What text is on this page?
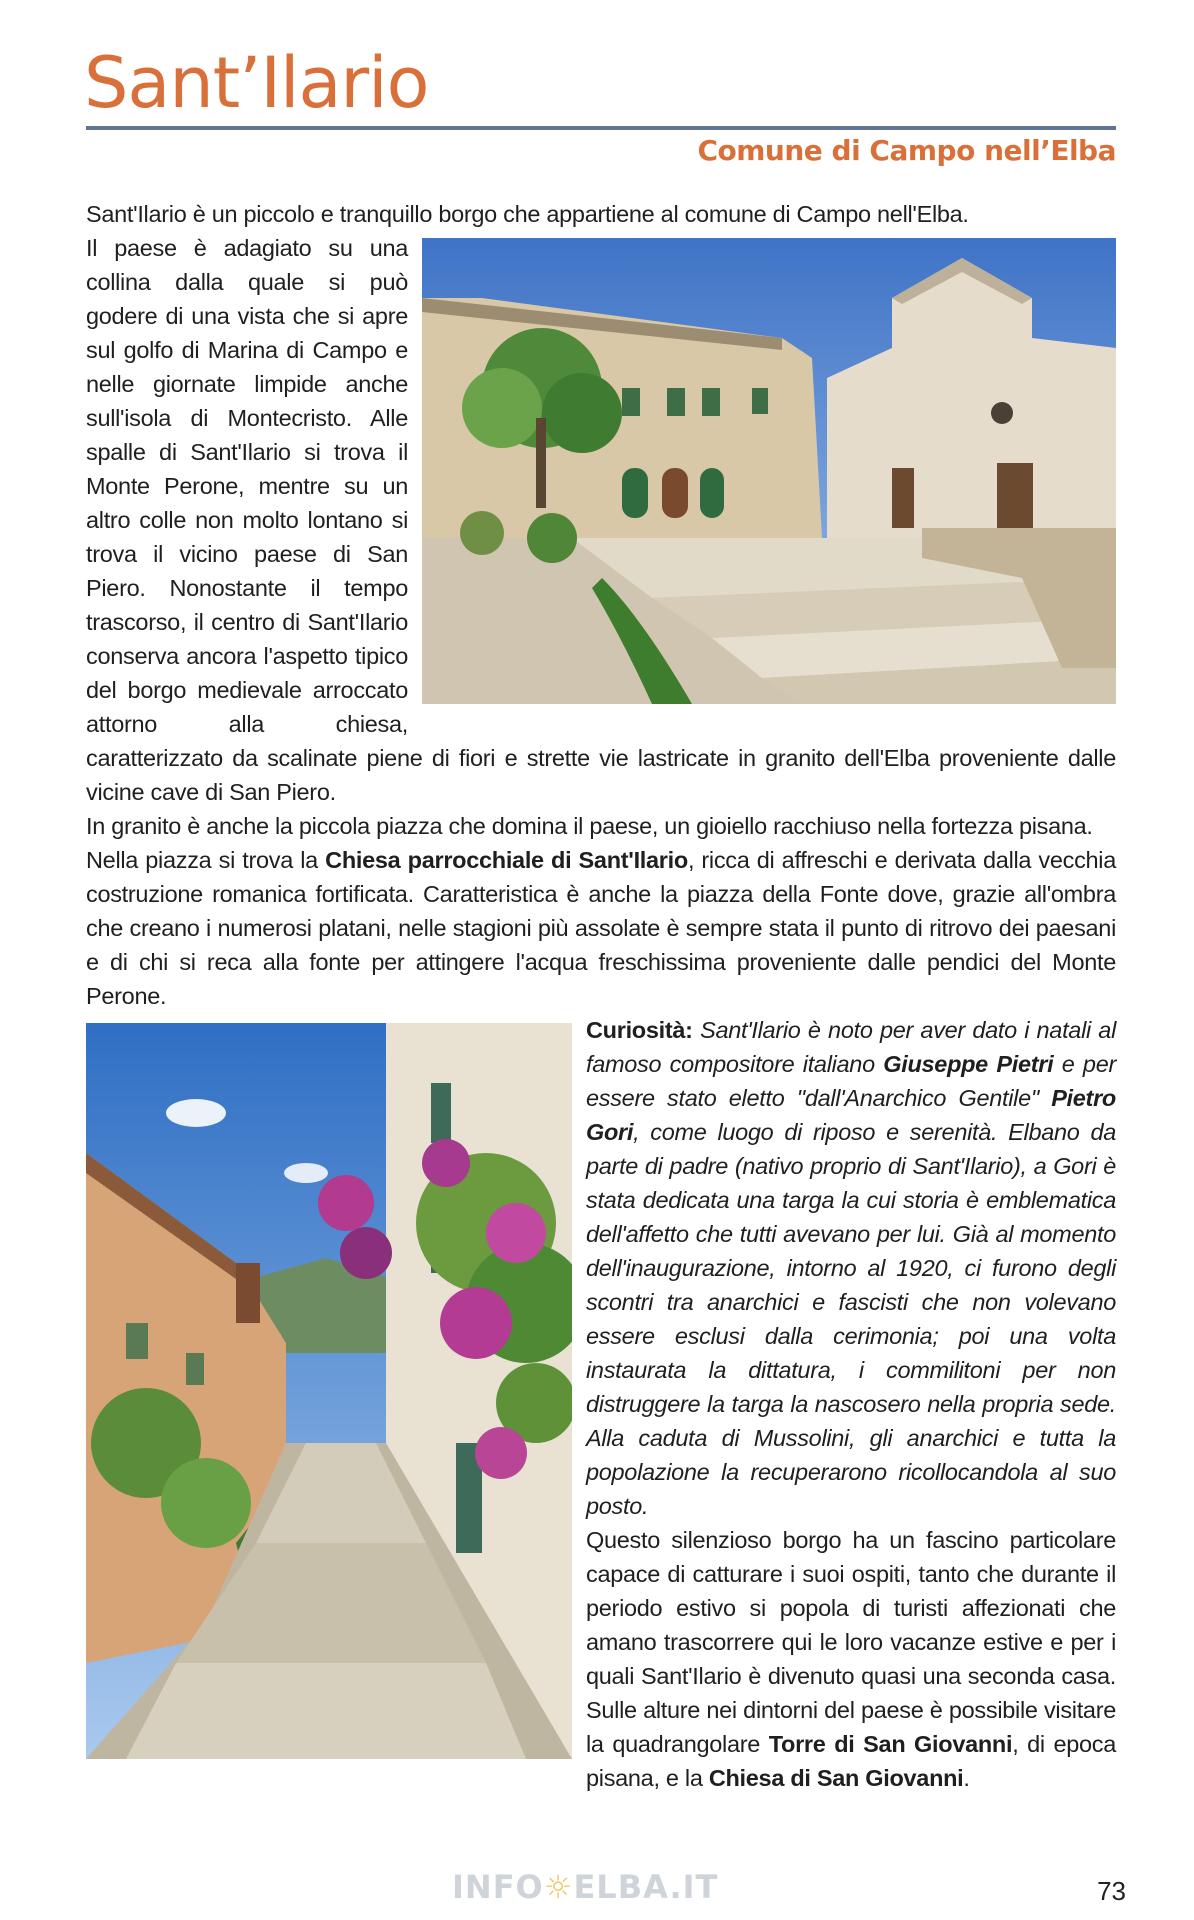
Sant’Ilario
Comune di Campo nell’Elba

Sant'Ilario è un piccolo e tranquillo borgo che appartiene al comune di Campo nell'Elba.

Il paese è adagiato su una collina dalla quale si può godere di una vista che si apre sul golfo di Marina di Campo e nelle giornate limpide anche sull'isola di Montecristo. Alle spalle di Sant'Ilario si trova il Monte Perone, mentre su un altro colle non molto lontano si trova il vicino paese di San Piero. Nonostante il tempo trascorso, il centro di Sant'Ilario conserva ancora l'aspetto tipico del borgo medievale arroccato attorno alla chiesa, caratterizzato da scalinate piene di fiori e strette vie lastricate in granito dell'Elba proveniente dalle vicine cave di San Piero.

In granito è anche la piccola piazza che domina il paese, un gioiello racchiuso nella fortezza pisana.

Nella piazza si trova la Chiesa parrocchiale di Sant'Ilario, ricca di affreschi e derivata dalla vecchia costruzione romanica fortificata. Caratteristica è anche la piazza della Fonte dove, grazie all'ombra che creano i numerosi platani, nelle stagioni più assolate è sempre stata il punto di ritrovo dei paesani e di chi si reca alla fonte per attingere l'acqua freschissima proveniente dalle pendici del Monte Perone.

Curiosità: Sant'Ilario è noto per aver dato i natali al famoso compositore italiano Giuseppe Pietri e per essere stato eletto "dall'Anarchico Gentile" Pietro Gori, come luogo di riposo e serenità. Elbano da parte di padre (nativo proprio di Sant'Ilario), a Gori è stata dedicata una targa la cui storia è emblematica dell'affetto che tutti avevano per lui. Già al momento dell'inaugurazione, intorno al 1920, ci furono degli scontri tra anarchici e fascisti che non volevano essere esclusi dalla cerimonia; poi una volta instaurata la dittatura, i commilitoni per non distruggere la targa la nascosero nella propria sede. Alla caduta di Mussolini, gli anarchici e tutta la popolazione la recuperarono ricollocandola al suo posto.

Questo silenzioso borgo ha un fascino particolare capace di catturare i suoi ospiti, tanto che durante il periodo estivo si popola di turisti affezionati che amano trascorrere qui le loro vacanze estive e per i quali Sant'Ilario è divenuto quasi una seconda casa. Sulle alture nei dintorni del paese è possibile visitare la quadrangolare Torre di San Giovanni, di epoca pisana, e la Chiesa di San Giovanni.

INFO☼ELBA.IT	73
